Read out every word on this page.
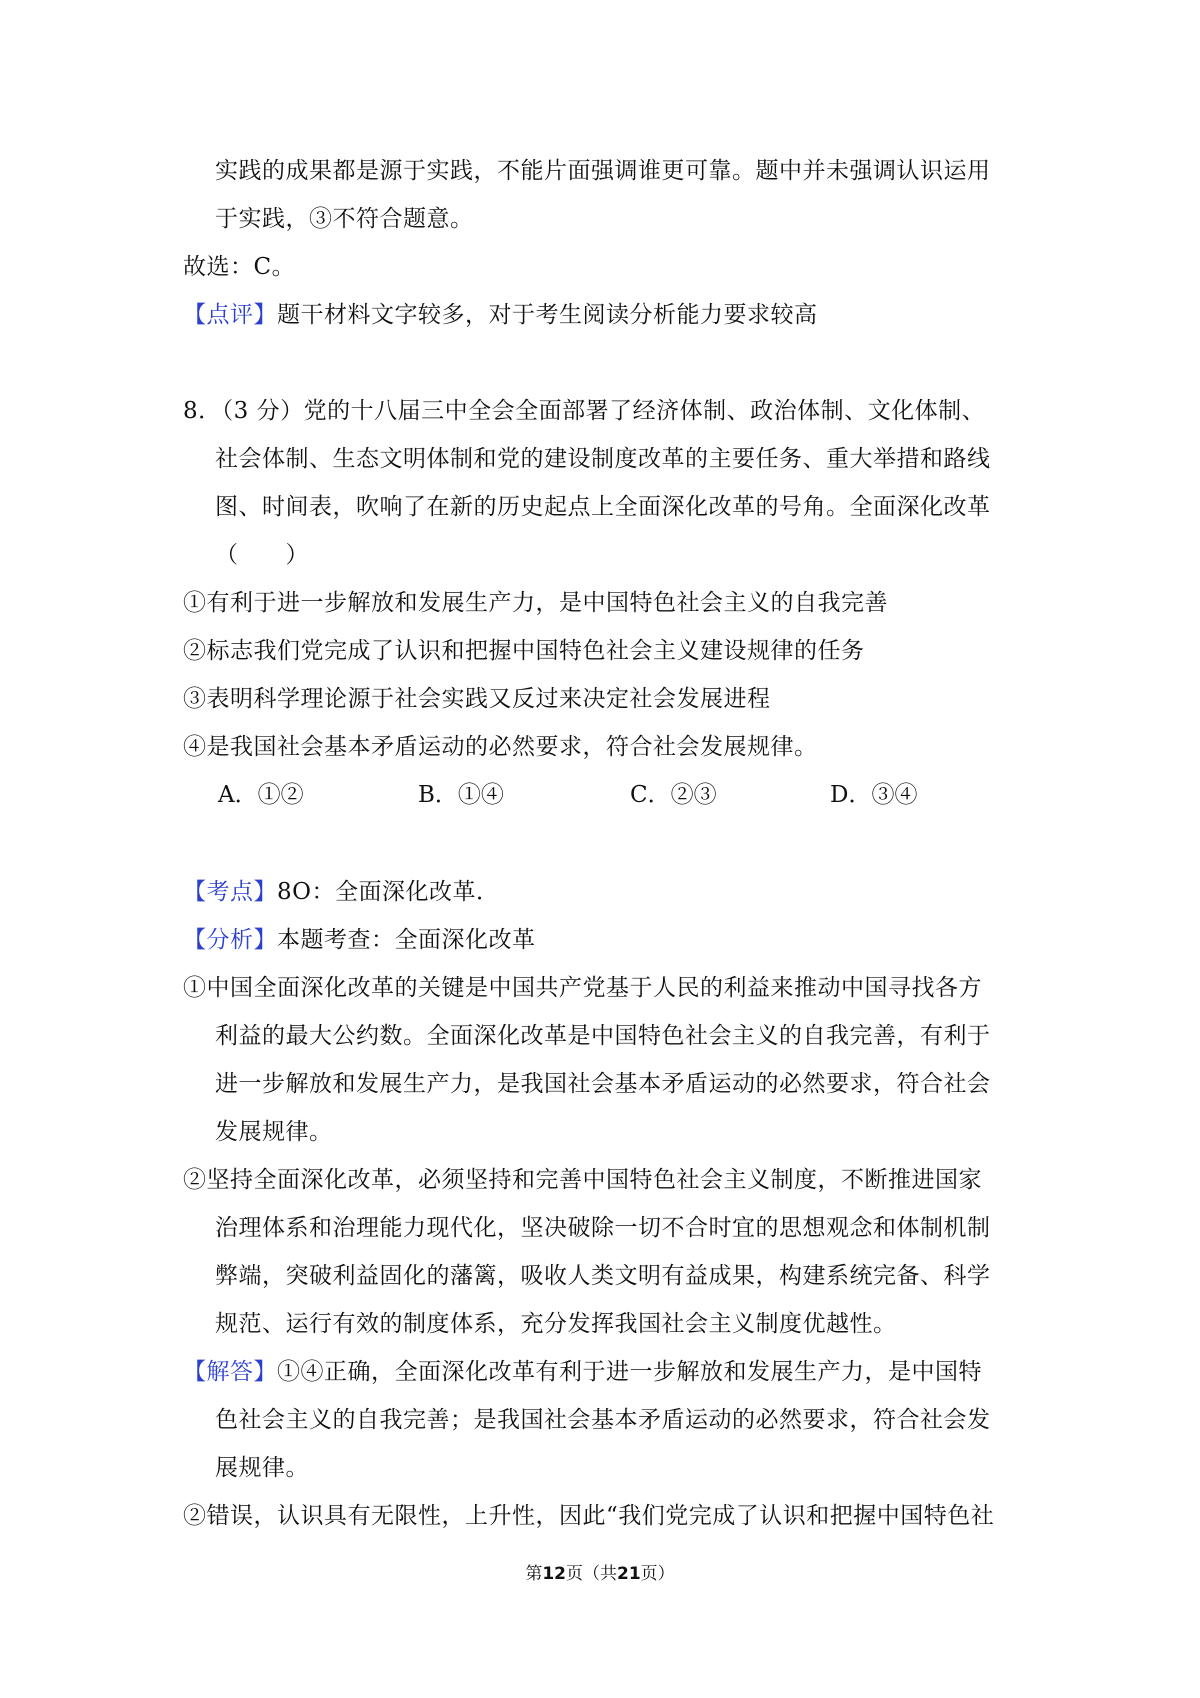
实践的成果都是源于实践，不能片面强调谁更可靠。题中并未强调认识运用
于实践，③不符合题意。
故选：C。
【点评】题干材料文字较多，对于考生阅读分析能力要求较高
8．（3 分）党的十八届三中全会全面部署了经济体制、政治体制、文化体制、
社会体制、生态文明体制和党的建设制度改革的主要任务、重大举措和路线
图、时间表，吹响了在新的历史起点上全面深化改革的号角。全面深化改革
（　　）
①有利于进一步解放和发展生产力，是中国特色社会主义的自我完善
②标志我们党完成了认识和把握中国特色社会主义建设规律的任务
③表明科学理论源于社会实践又反过来决定社会发展进程
④是我国社会基本矛盾运动的必然要求，符合社会发展规律。
A．①②	B．①④	C．②③	D．③④
【考点】8O：全面深化改革．
【分析】本题考查：全面深化改革
①中国全面深化改革的关键是中国共产党基于人民的利益来推动中国寻找各方
利益的最大公约数。全面深化改革是中国特色社会主义的自我完善，有利于
进一步解放和发展生产力，是我国社会基本矛盾运动的必然要求，符合社会
发展规律。
②坚持全面深化改革，必须坚持和完善中国特色社会主义制度，不断推进国家
治理体系和治理能力现代化，坚决破除一切不合时宜的思想观念和体制机制
弊端，突破利益固化的藩篱，吸收人类文明有益成果，构建系统完备、科学
规范、运行有效的制度体系，充分发挥我国社会主义制度优越性。
【解答】①④正确，全面深化改革有利于进一步解放和发展生产力，是中国特
色社会主义的自我完善；是我国社会基本矛盾运动的必然要求，符合社会发
展规律。
②错误，认识具有无限性，上升性，因此“我们党完成了认识和把握中国特色社
第12页（共21页）
